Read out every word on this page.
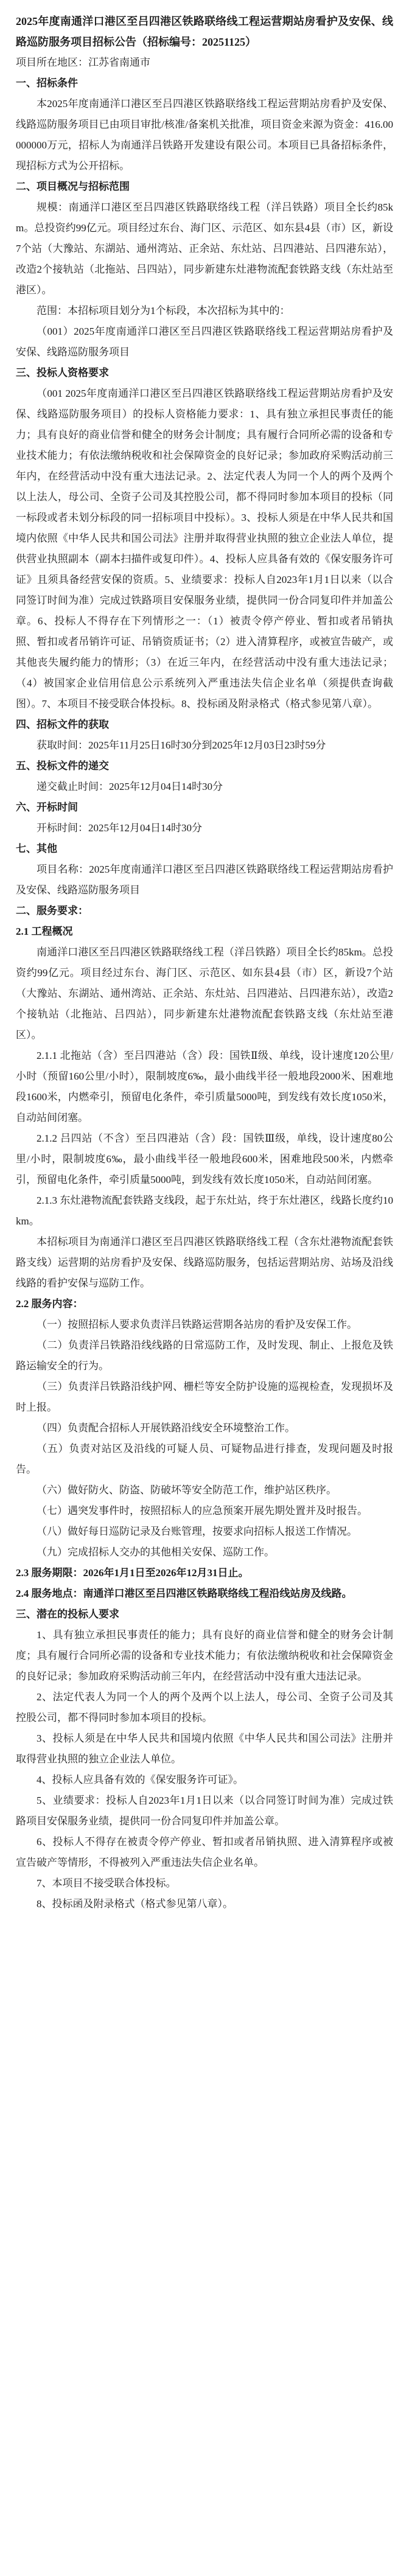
2025年度南通洋口港区至吕四港区铁路联络线工程运营期站房看护及安保、线路巡防服务项目招标公告（招标编号：20251125）

项目所在地区：江苏省南通市

一、招标条件

本2025年度南通洋口港区至吕四港区铁路联络线工程运营期站房看护及安保、线路巡防服务项目已由项目审批/核准/备案机关批准，项目资金来源为资金：416.00000000万元，招标人为南通洋吕铁路开发建设有限公司。本项目已具备招标条件，现招标方式为公开招标。

二、项目概况与招标范围

规模：南通洋口港区至吕四港区铁路联络线工程（洋吕铁路）项目全长约85km。总投资约99亿元。项目经过东台、海门区、示范区、如东县4县（市）区，新设7个站（大豫站、东湖站、通州湾站、正余站、东灶站、吕四港站、吕四港东站），改造2个接轨站（北拖站、吕四站），同步新建东灶港物流配套铁路支线（东灶站至港区）。

范围：本招标项目划分为1个标段，本次招标为其中的：

（001）2025年度南通洋口港区至吕四港区铁路联络线工程运营期站房看护及安保、线路巡防服务项目

三、投标人资格要求

（001 2025年度南通洋口港区至吕四港区铁路联络线工程运营期站房看护及安保、线路巡防服务项目）的投标人资格能力要求：1、具有独立承担民事责任的能力；具有良好的商业信誉和健全的财务会计制度；具有履行合同所必需的设备和专业技术能力；有依法缴纳税收和社会保障资金的良好记录；参加政府采购活动前三年内，在经营活动中没有重大违法记录。2、法定代表人为同一个人的两个及两个以上法人，母公司、全资子公司及其控股公司，都不得同时参加本项目的投标（同一标段或者未划分标段的同一招标项目中投标）。3、投标人须是在中华人民共和国境内依照《中华人民共和国公司法》注册并取得营业执照的独立企业法人单位，提供营业执照副本（副本扫描件或复印件）。4、投标人应具备有效的《保安服务许可证》且须具备经营安保的资质。5、业绩要求：投标人自2023年1月1日以来（以合同签订时间为准）完成过铁路项目安保服务业绩，提供同一份合同复印件并加盖公章。6、投标人不得存在下列情形之一：（1）被责令停产停业、暂扣或者吊销执照、暂扣或者吊销许可证、吊销资质证书；（2）进入清算程序，或被宣告破产，或其他丧失履约能力的情形；（3）在近三年内，在经营活动中没有重大违法记录；（4）被国家企业信用信息公示系统列入严重违法失信企业名单（须提供查询截图）。7、本项目不接受联合体投标。8、投标函及附录格式（格式参见第八章）。

四、招标文件的获取

获取时间：2025年11月25日16时30分到2025年12月03日23时59分

五、投标文件的递交

递交截止时间：2025年12月04日14时30分

六、开标时间

开标时间：2025年12月04日14时30分

七、其他

项目名称：2025年度南通洋口港区至吕四港区铁路联络线工程运营期站房看护及安保、线路巡防服务项目

二、服务要求：

2.1 工程概况

南通洋口港区至吕四港区铁路联络线工程（洋吕铁路）项目全长约85km。总投资约99亿元。项目经过东台、海门区、示范区、如东县4县（市）区，新设7个站（大豫站、东湖站、通州湾站、正余站、东灶站、吕四港站、吕四港东站），改造2个接轨站（北拖站、吕四站），同步新建东灶港物流配套铁路支线（东灶站至港区）。

2.1.1 北拖站（含）至吕四港站（含）段：国铁Ⅱ级、单线，设计速度120公里/小时（预留160公里/小时），限制坡度6‰，最小曲线半径一般地段2000米、困难地段1600米，内燃牵引，预留电化条件，牵引质量5000吨，到发线有效长度1050米，自动站间闭塞。

2.1.2 吕四站（不含）至吕四港站（含）段：国铁Ⅲ级，单线，设计速度80公里/小时，限制坡度6‰，最小曲线半径一般地段600米，困难地段500米，内燃牵引，预留电化条件，牵引质量5000吨，到发线有效长度1050米，自动站间闭塞。

2.1.3 东灶港物流配套铁路支线段，起于东灶站，终于东灶港区，线路长度约10km。

本招标项目为南通洋口港区至吕四港区铁路联络线工程（含东灶港物流配套铁路支线）运营期的站房看护及安保、线路巡防服务，包括运营期站房、站场及沿线线路的看护安保与巡防工作。

2.2 服务内容：

（一）按照招标人要求负责洋吕铁路运营期各站房的看护及安保工作。

（二）负责洋吕铁路沿线线路的日常巡防工作，及时发现、制止、上报危及铁路运输安全的行为。

（三）负责洋吕铁路沿线护网、栅栏等安全防护设施的巡视检查，发现损坏及时上报。

（四）负责配合招标人开展铁路沿线安全环境整治工作。

（五）负责对站区及沿线的可疑人员、可疑物品进行排查，发现问题及时报告。

（六）做好防火、防盗、防破坏等安全防范工作，维护站区秩序。

（七）遇突发事件时，按照招标人的应急预案开展先期处置并及时报告。

（八）做好每日巡防记录及台账管理，按要求向招标人报送工作情况。

（九）完成招标人交办的其他相关安保、巡防工作。

2.3 服务期限：2026年1月1日至2026年12月31日止。

2.4 服务地点：南通洋口港区至吕四港区铁路联络线工程沿线站房及线路。

三、潜在的投标人要求

1、具有独立承担民事责任的能力；具有良好的商业信誉和健全的财务会计制度；具有履行合同所必需的设备和专业技术能力；有依法缴纳税收和社会保障资金的良好记录；参加政府采购活动前三年内，在经营活动中没有重大违法记录。

2、法定代表人为同一个人的两个及两个以上法人，母公司、全资子公司及其控股公司，都不得同时参加本项目的投标。

3、投标人须是在中华人民共和国境内依照《中华人民共和国公司法》注册并取得营业执照的独立企业法人单位。

4、投标人应具备有效的《保安服务许可证》。

5、业绩要求：投标人自2023年1月1日以来（以合同签订时间为准）完成过铁路项目安保服务业绩，提供同一份合同复印件并加盖公章。

6、投标人不得存在被责令停产停业、暂扣或者吊销执照、进入清算程序或被宣告破产等情形，不得被列入严重违法失信企业名单。

7、本项目不接受联合体投标。

8、投标函及附录格式（格式参见第八章）。
